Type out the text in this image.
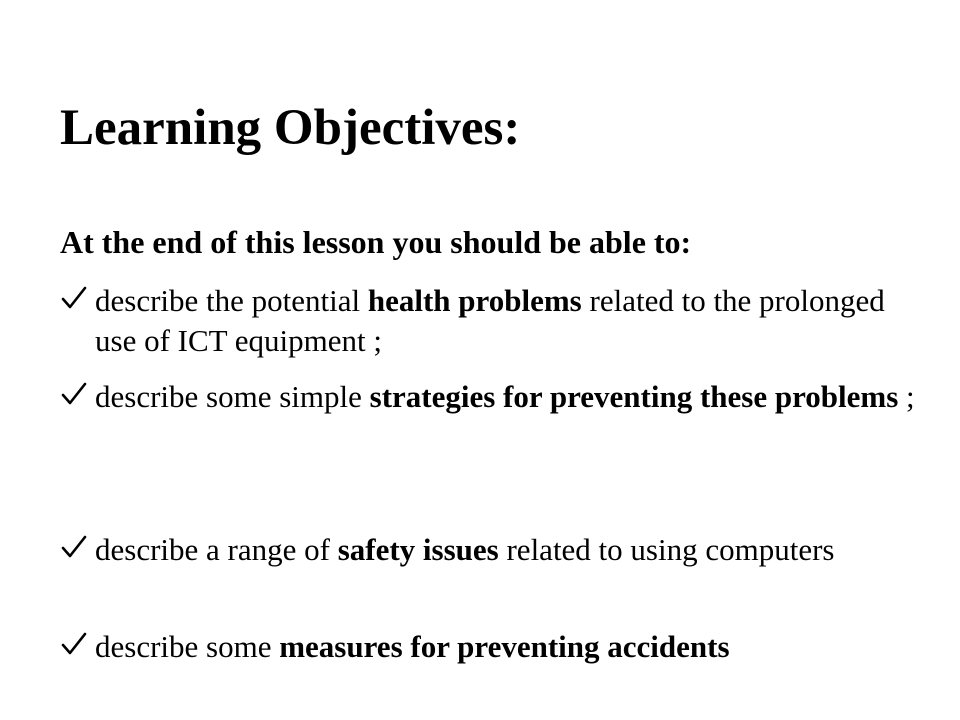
Learning Objectives:

At the end of this lesson you should be able to:

describe the potential health problems related to the prolonged use of ICT equipment ;
describe some simple strategies for preventing these problems ;
describe a range of safety issues related to using computers
describe some measures for preventing accidents
